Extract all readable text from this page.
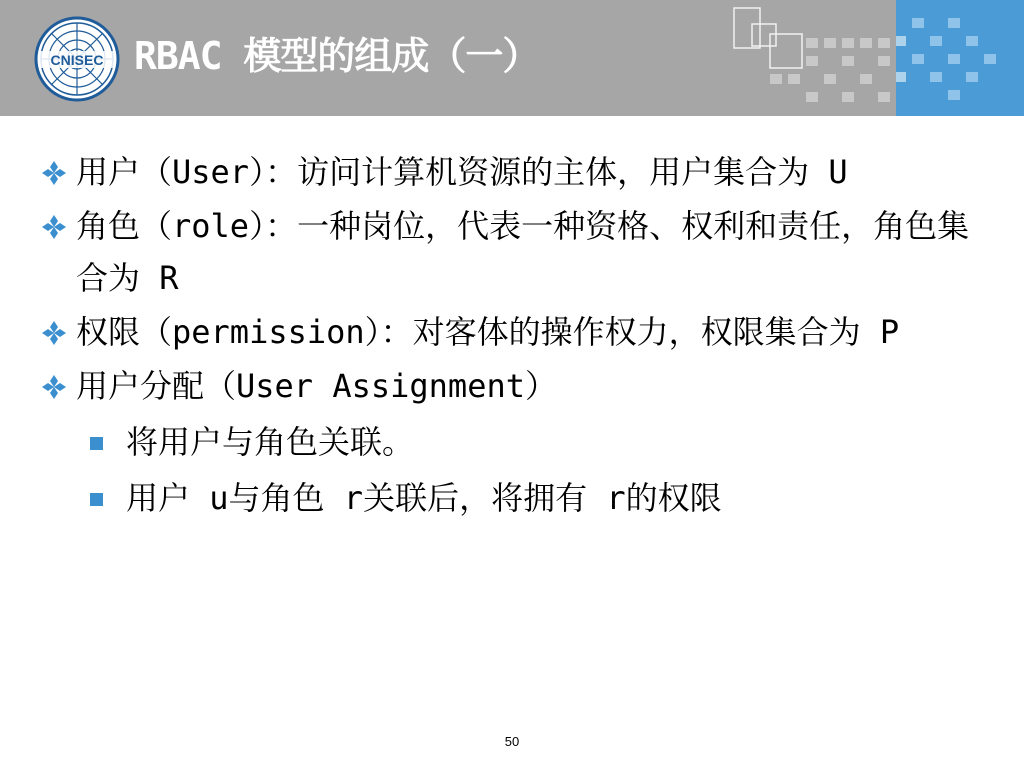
CNISEC RBAC 模型的组成（一）
用户（User）：访问计算机资源的主体，用户集合为 U
角色（role）：一种岗位，代表一种资格、权利和责任，角色集合为 R
权限（permission）：对客体的操作权力，权限集合为 P
用户分配（User Assignment）
将用户与角色关联。
用户 u与角色 r关联后，将拥有 r的权限
50
